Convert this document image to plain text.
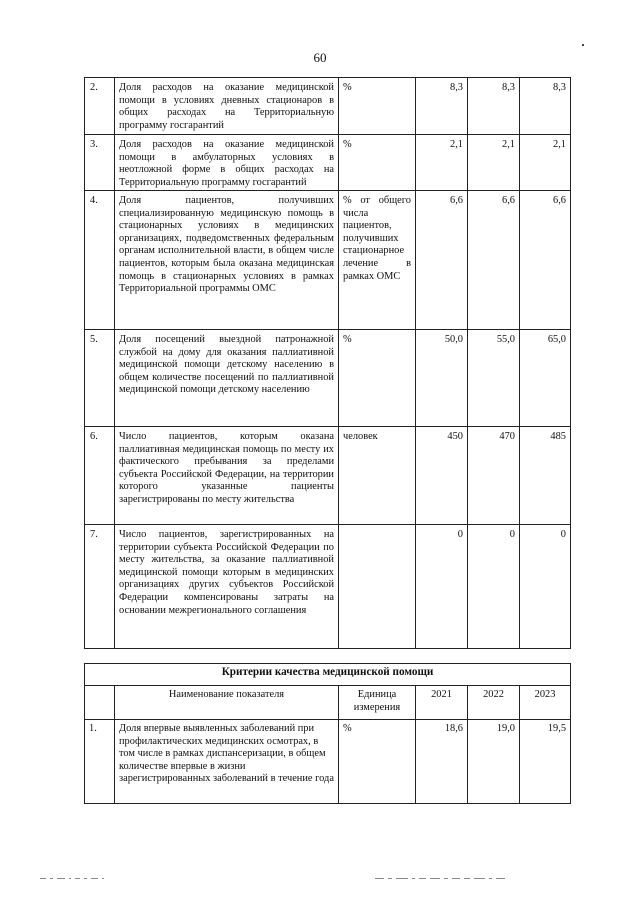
60
2.	Доля расходов на оказание медицинской помощи в условиях дневных стационаров в общих расходах на Территориальную программу госгарантий	%	8,3	8,3	8,3
3.	Доля расходов на оказание медицинской помощи в амбулаторных условиях в неотложной форме в общих расходах на Территориальную программу госгарантий	%	2,1	2,1	2,1
4.	Доля пациентов, получивших специализированную медицинскую помощь в стационарных условиях в медицинских организациях, подведомственных федеральным органам исполнительной власти, в общем числе пациентов, которым была оказана медицинская помощь в стационарных условиях в рамках Территориальной программы ОМС	% от общего числа пациентов, получивших стационарное лечение в рамках ОМС	6,6	6,6	6,6
5.	Доля посещений выездной патронажной службой на дому для оказания паллиативной медицинской помощи детскому населению в общем количестве посещений по паллиативной медицинской помощи детскому населению	%	50,0	55,0	65,0
6.	Число пациентов, которым оказана паллиативная медицинская помощь по месту их фактического пребывания за пределами субъекта Российской Федерации, на территории которого указанные пациенты зарегистрированы по месту жительства	человек	450	470	485
7.	Число пациентов, зарегистрированных на территории субъекта Российской Федерации по месту жительства, за оказание паллиативной медицинской помощи которым в медицинских организациях других субъектов Российской Федерации компенсированы затраты на основании межрегионального соглашения		0	0	0
Критерии качества медицинской помощи					
	Наименование показателя	Единица измерения	2021	2022	2023
1.	Доля впервые выявленных заболеваний при профилактических медицинских осмотрах, в том числе в рамках диспансеризации, в общем количестве впервые в жизни зарегистрированных заболеваний в течение года	%	18,6	19,0	19,5
